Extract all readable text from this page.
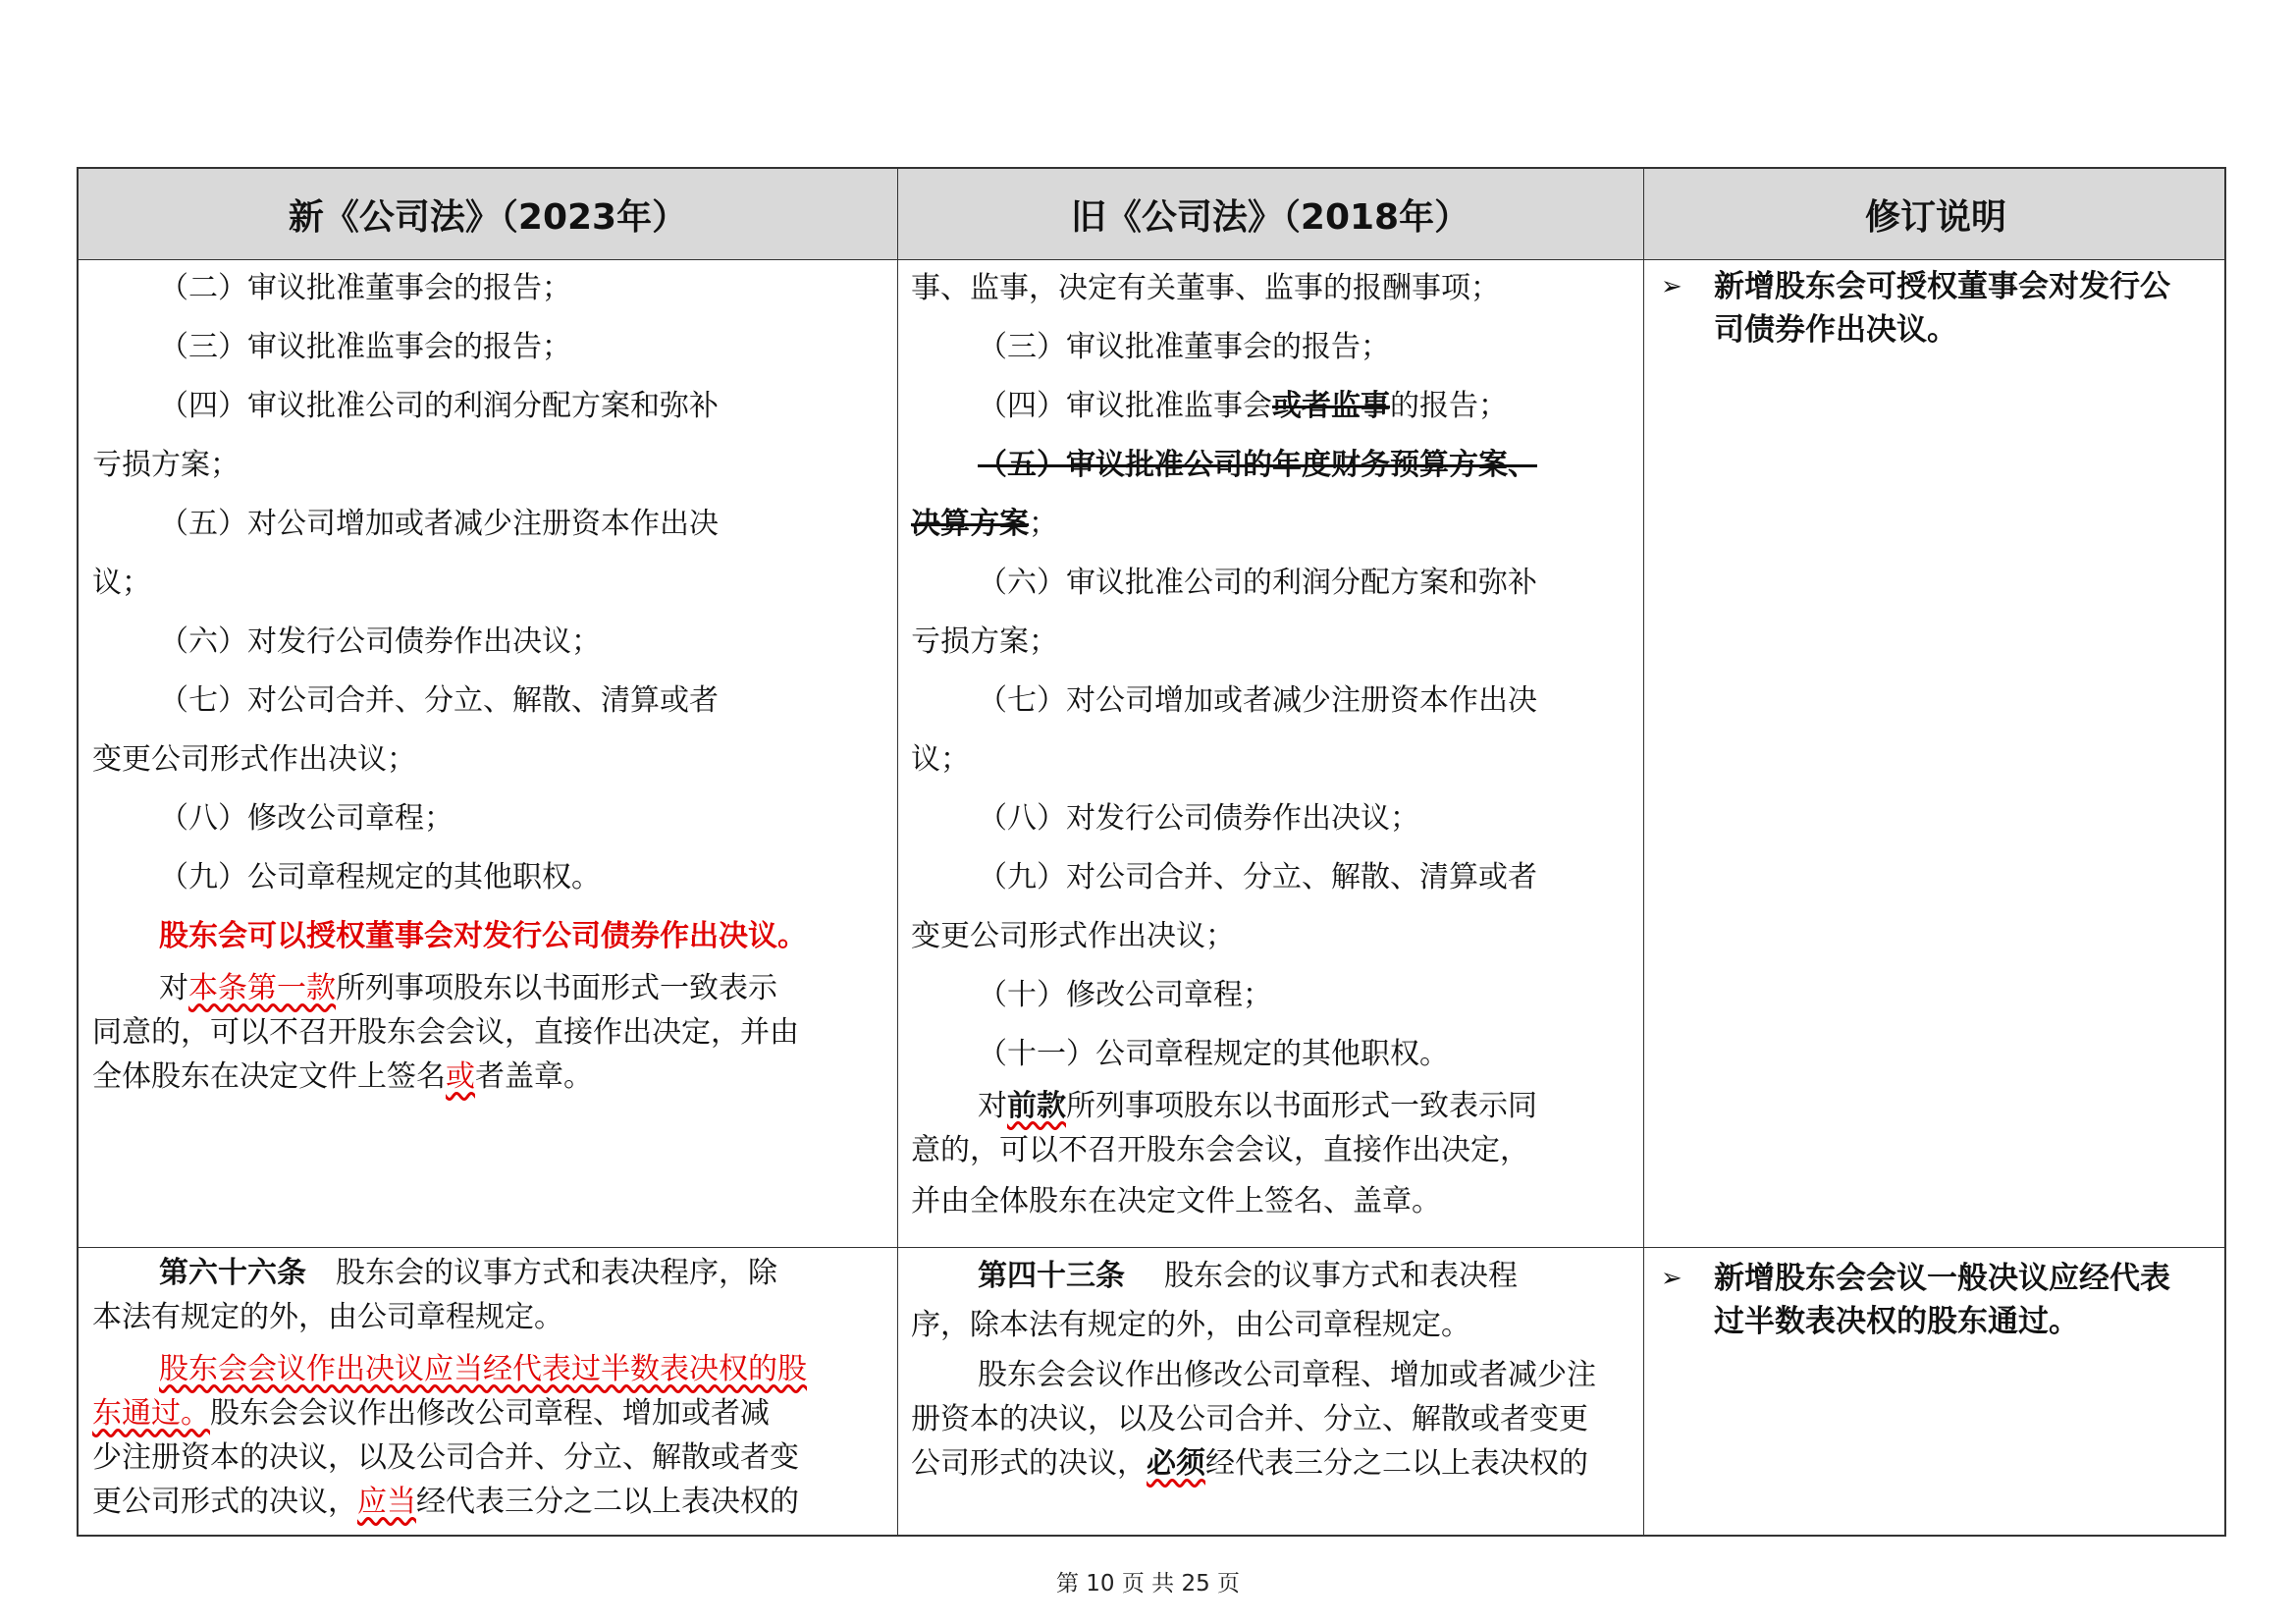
新《公司法》（2023年）	旧《公司法》（2018年）	修订说明
（二）审议批准董事会的报告；
（三）审议批准监事会的报告；
（四）审议批准公司的利润分配方案和弥补
亏损方案；
（五）对公司增加或者减少注册资本作出决
议；
（六）对发行公司债券作出决议；
（七）对公司合并、分立、解散、清算或者
变更公司形式作出决议；
（八）修改公司章程；
（九）公司章程规定的其他职权。
股东会可以授权董事会对发行公司债券作出决议。
对本条第一款所列事项股东以书面形式一致表示
同意的，可以不召开股东会会议，直接作出决定，并由
全体股东在决定文件上签名或者盖章。
事、监事，决定有关董事、监事的报酬事项；
（三）审议批准董事会的报告；
（四）审议批准监事会或者监事的报告；
（五）审议批准公司的年度财务预算方案、
决算方案；
（六）审议批准公司的利润分配方案和弥补
亏损方案；
（七）对公司增加或者减少注册资本作出决
议；
（八）对发行公司债券作出决议；
（九）对公司合并、分立、解散、清算或者
变更公司形式作出决议；
（十）修改公司章程；
（十一）公司章程规定的其他职权。
对前款所列事项股东以书面形式一致表示同
意的，可以不召开股东会会议，直接作出决定，
并由全体股东在决定文件上签名、盖章。
➢ 新增股东会可授权董事会对发行公
司债券作出决议。
第六十六条 股东会的议事方式和表决程序，除
本法有规定的外，由公司章程规定。
股东会会议作出决议应当经代表过半数表决权的股
东通过。股东会会议作出修改公司章程、增加或者减
少注册资本的决议，以及公司合并、分立、解散或者变
更公司形式的决议，应当经代表三分之二以上表决权的
第四十三条 股东会的议事方式和表决程
序，除本法有规定的外，由公司章程规定。
股东会会议作出修改公司章程、增加或者减少注
册资本的决议，以及公司合并、分立、解散或者变更
公司形式的决议，必须经代表三分之二以上表决权的
➢ 新增股东会会议一般决议应经代表
过半数表决权的股东通过。
第 10 页 共 25 页
